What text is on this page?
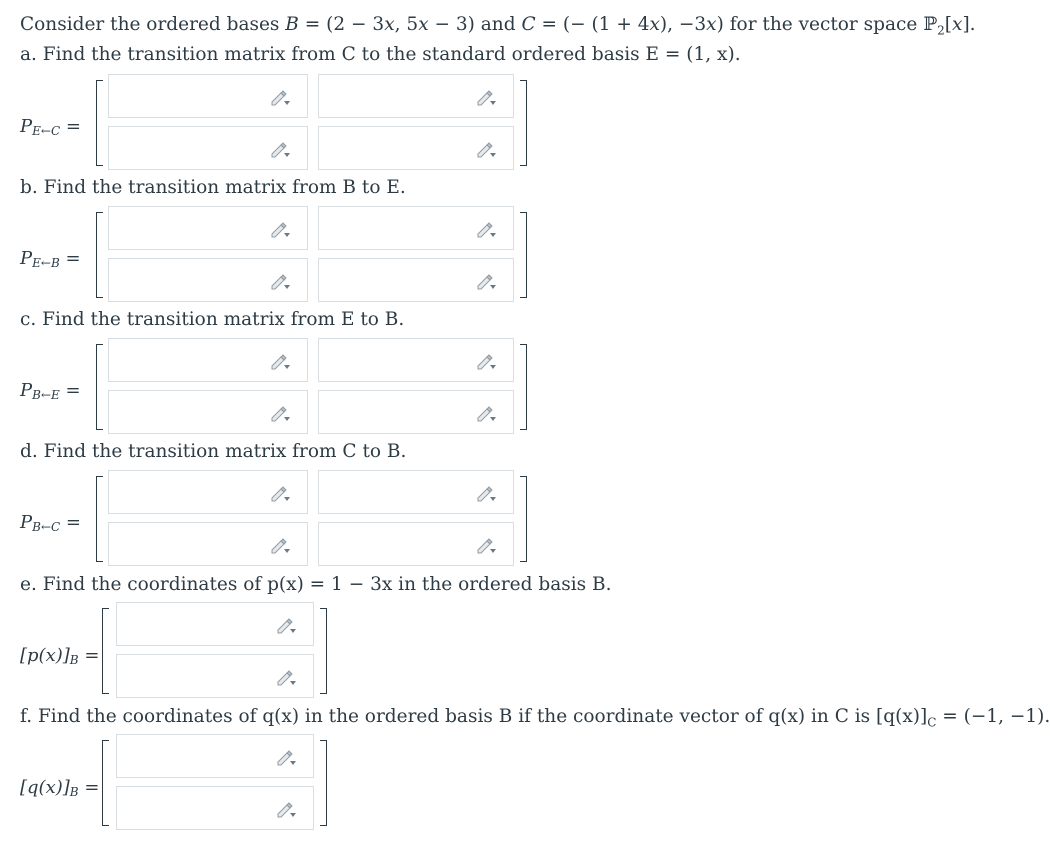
Consider the ordered bases B = (2 − 3x, 5x − 3) and C = (− (1 + 4x), −3x) for the vector space ℙ$_2$[x].
a. Find the transition matrix from C to the standard ordered basis E = (1, x).
$P_{E\leftarrow C}$ =
b. Find the transition matrix from B to E.
$P_{E\leftarrow B}$ =
c. Find the transition matrix from E to B.
$P_{B\leftarrow E}$ =
d. Find the transition matrix from C to B.
$P_{B\leftarrow C}$ =
e. Find the coordinates of p(x) = 1 − 3x in the ordered basis B.
$[p(x)]_B$ =
f. Find the coordinates of q(x) in the ordered basis B if the coordinate vector of q(x) in C is $[q(x)]_C = (-1$, −1).
$[q(x)]_B$ =
